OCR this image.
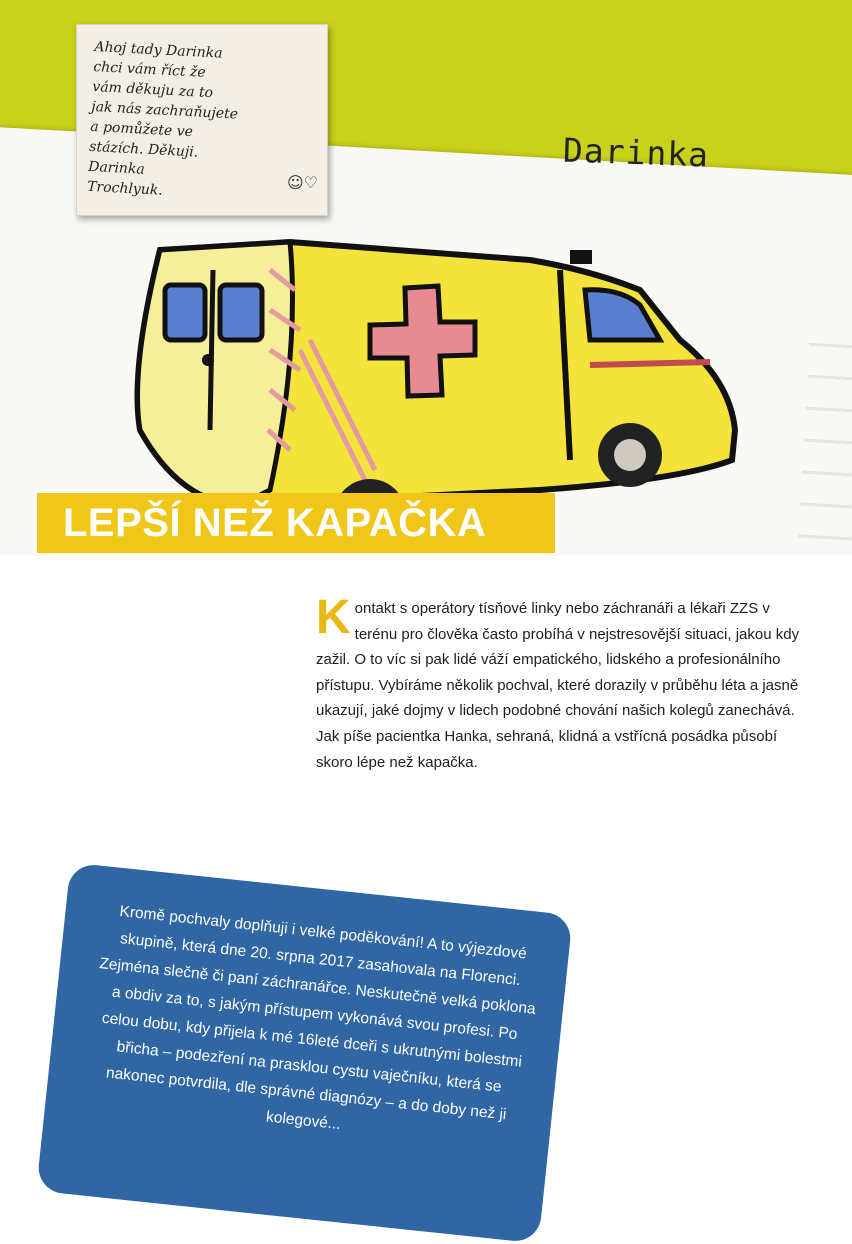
Darinka
Ahoj tady Darinka
chci vám říct že
vám děkuju za to
jak nás zachraňujete
a pomůžete ve
stázích. Děkuji.
Darinka
Trochlyuk.	☺♡
LEPŠÍ NEŽ KAPAČKA
Kontakt s operátory tísňové linky nebo záchranáři a lékaři ZZS v terénu pro člověka často probíhá v nejstresovější situaci, jakou kdy zažil. O to víc si pak lidé váží empatického, lidského a profesionálního přístupu. Vybíráme několik pochval, které dorazily v průběhu léta a jasně ukazují, jaké dojmy v lidech podobné chování našich kolegů zanechává. Jak píše pacientka Hanka, sehraná, klidná a vstřícná posádka působí skoro lépe než kapačka.
Kromě pochvaly doplňuji i velké poděkování! A to výjezdové skupině, která dne 20. srpna 2017 zasahovala na Florenci. Zejména slečně či paní záchranářce. Neskutečně velká poklona a obdiv za to, s jakým přístupem vykonává svou profesi. Po celou dobu, kdy přijela k mé 16leté dceři s ukrutnými bolestmi břicha – podezření na prasklou cystu vaječníku, která se nakonec potvrdila, dle správné diagnózy – a do doby než ji kolegové...
